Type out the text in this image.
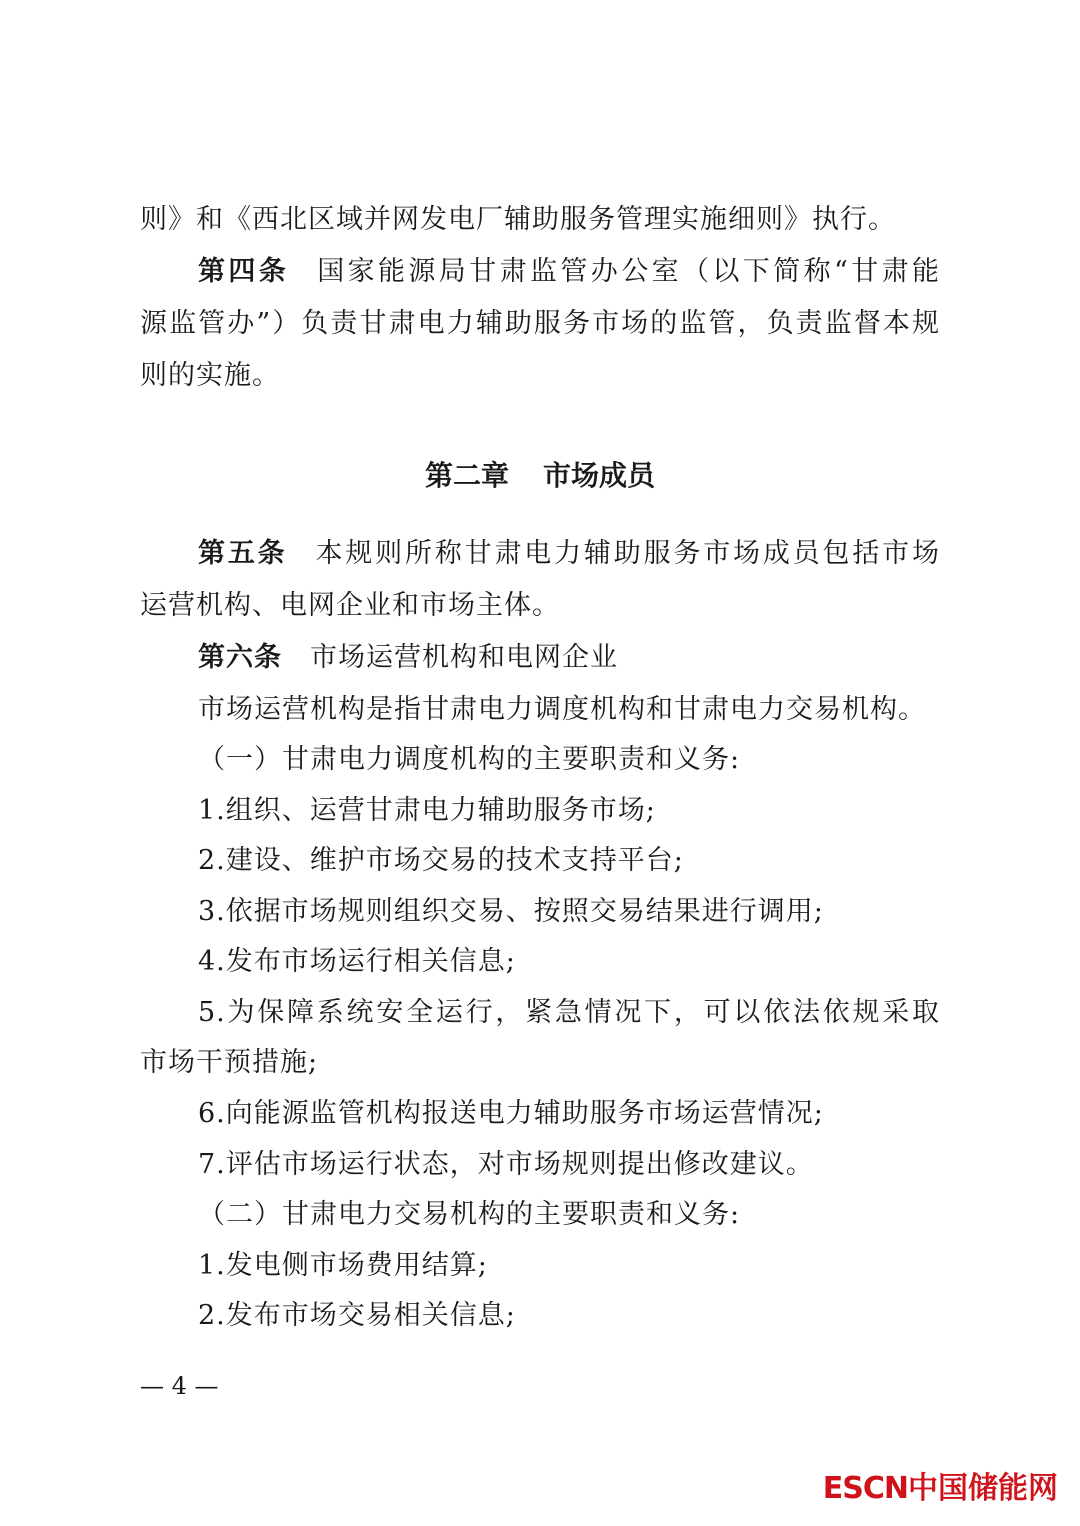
则》和《西北区域并网发电厂辅助服务管理实施细则》执行。
第四条 国家能源局甘肃监管办公室（以下简称“甘肃能
源监管办”）负责甘肃电力辅助服务市场的监管，负责监督本规
则的实施。
第二章 市场成员
第五条 本规则所称甘肃电力辅助服务市场成员包括市场
运营机构、电网企业和市场主体。
第六条 市场运营机构和电网企业
市场运营机构是指甘肃电力调度机构和甘肃电力交易机构。
（一）甘肃电力调度机构的主要职责和义务:
1.组织、运营甘肃电力辅助服务市场;
2.建设、维护市场交易的技术支持平台;
3.依据市场规则组织交易、按照交易结果进行调用;
4.发布市场运行相关信息;
5.为保障系统安全运行，紧急情况下，可以依法依规采取
市场干预措施;
6.向能源监管机构报送电力辅助服务市场运营情况;
7.评估市场运行状态，对市场规则提出修改建议。
（二）甘肃电力交易机构的主要职责和义务:
1.发电侧市场费用结算;
2.发布市场交易相关信息;
— 4 —
ESCN中国储能网
